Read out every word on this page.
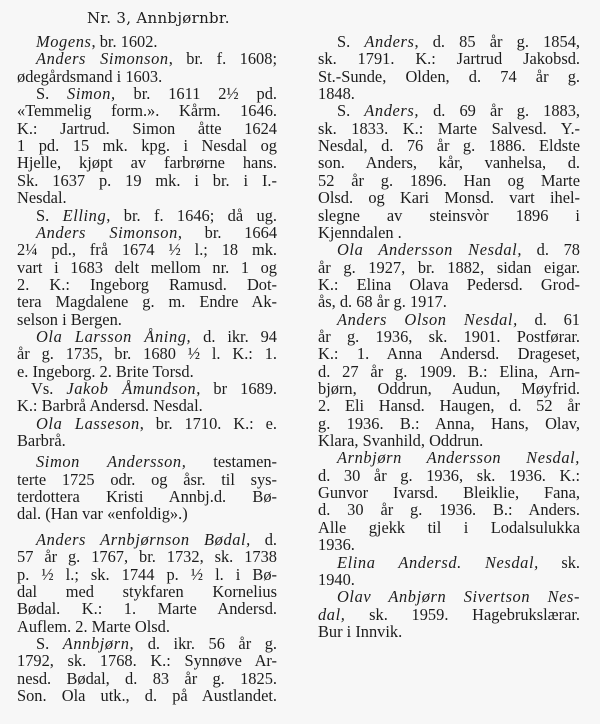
Nr. 3, Annbjørnbr.
Mogens, br. 1602.
Anders Simonson, br. f. 1608;
ødegårdsmand i 1603.
S. Simon, br. 1611 2½ pd.
«Temmelig form.». Kårm. 1646.
K.: Jartrud. Simon åtte 1624
1 pd. 15 mk. kpg. i Nesdal og
Hjelle, kjøpt av farbrørne hans.
Sk. 1637 p. 19 mk. i br. i I.-
Nesdal.
S. Elling, br. f. 1646; då ug.
Anders Simonson, br. 1664
2¼ pd., frå 1674 ½ l.; 18 mk.
vart i 1683 delt mellom nr. 1 og
2. K.: Ingeborg Ramusd. Dot-
tera Magdalene g. m. Endre Ak-
selson i Bergen.
Ola Larsson Åning, d. ikr. 94
år g. 1735, br. 1680 ½ l. K.: 1.
e. Ingeborg. 2. Brite Torsd.
Vs. Jakob Åmundson, br 1689.
K.: Barbrå Andersd. Nesdal.
Ola Lasseson, br. 1710. K.: e.
Barbrå.
Simon Andersson, testamen-
terte 1725 odr. og åsr. til sys-
terdottera Kristi Annbj.d. Bø-
dal. (Han var «enfoldig».)
Anders Arnbjørnson Bødal, d.
57 år g. 1767, br. 1732, sk. 1738
p. ½ l.; sk. 1744 p. ½ l. i Bø-
dal med stykfaren Kornelius
Bødal. K.: 1. Marte Andersd.
Auflem. 2. Marte Olsd.
S. Annbjørn, d. ikr. 56 år g.
1792, sk. 1768. K.: Synnøve Ar-
nesd. Bødal, d. 83 år g. 1825.
Son. Ola utk., d. på Austlandet.
S. Anders, d. 85 år g. 1854,
sk. 1791. K.: Jartrud Jakobsd.
St.-Sunde, Olden, d. 74 år g.
1848.
S. Anders, d. 69 år g. 1883,
sk. 1833. K.: Marte Salvesd. Y.-
Nesdal, d. 76 år g. 1886. Eldste
son. Anders, kår, vanhelsa, d.
52 år g. 1896. Han og Marte
Olsd. og Kari Monsd. vart ihel-
slegne av steinsvòr 1896 i
Kjenndalen .
Ola Andersson Nesdal, d. 78
år g. 1927, br. 1882, sidan eigar.
K.: Elina Olava Pedersd. Grod-
ås, d. 68 år g. 1917.
Anders Olson Nesdal, d. 61
år g. 1936, sk. 1901. Postførar.
K.: 1. Anna Andersd. Drageset,
d. 27 år g. 1909. B.: Elina, Arn-
bjørn, Oddrun, Audun, Møyfrid.
2. Eli Hansd. Haugen, d. 52 år
g. 1936. B.: Anna, Hans, Olav,
Klara, Svanhild, Oddrun.
Arnbjørn Andersson Nesdal,
d. 30 år g. 1936, sk. 1936. K.:
Gunvor Ivarsd. Bleiklie, Fana,
d. 30 år g. 1936. B.: Anders.
Alle gjekk til i Lodalsulukka
1936.
Elina Andersd. Nesdal, sk.
1940.
Olav Anbjørn Sivertson Nes-
dal, sk. 1959. Hagebrukslærar.
Bur i Innvik.
